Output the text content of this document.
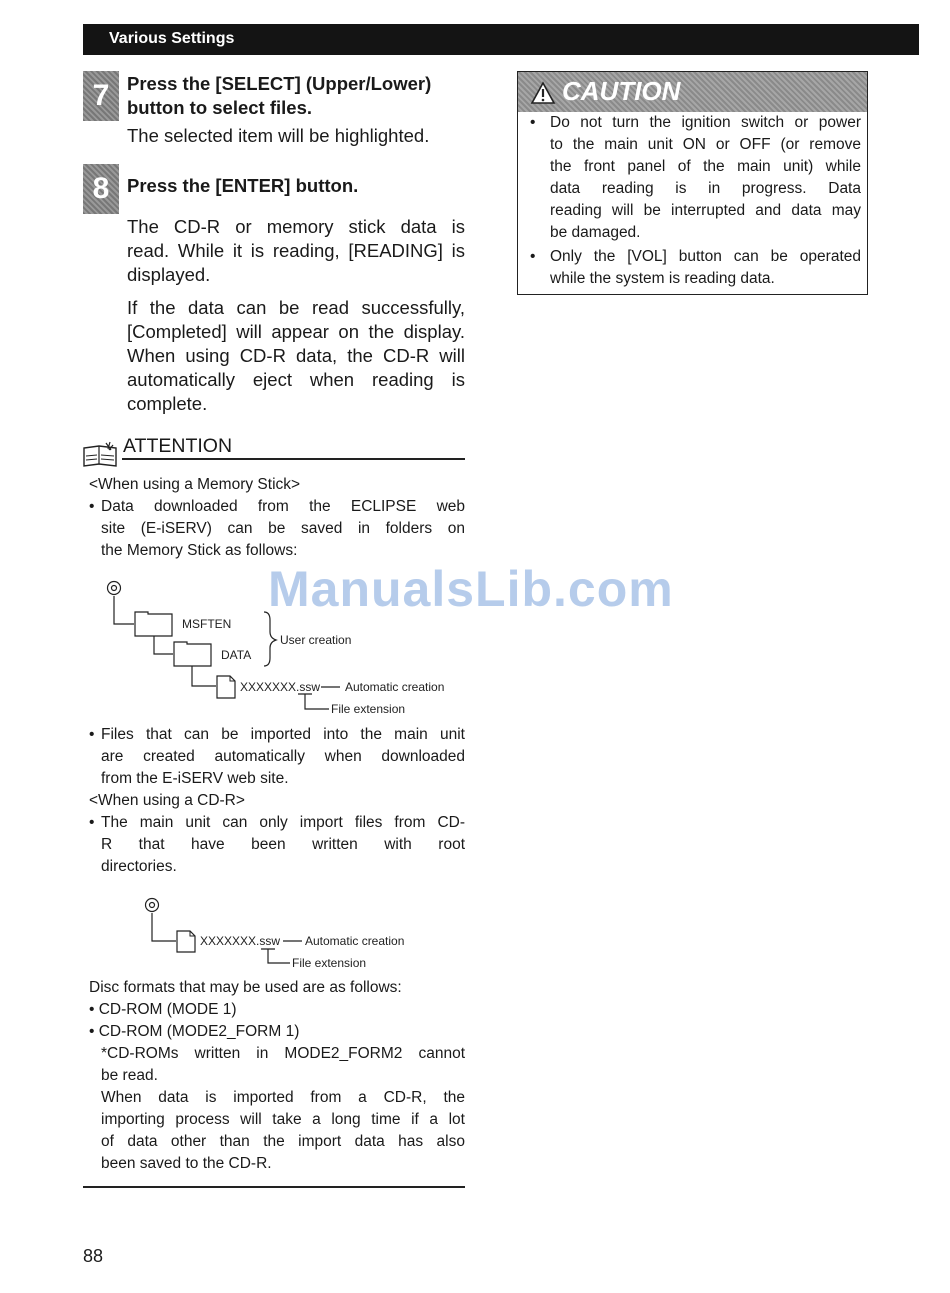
Various Settings
7 Press the [SELECT] (Upper/Lower)
button to select files.
The selected item will be highlighted.
8 Press the [ENTER] button.
The CD-R or memory stick data is
read. While it is reading, [READING] is
displayed.
If the data can be read successfully,
[Completed] will appear on the display.
When using CD-R data, the CD-R will
automatically eject when reading is
complete.
ATTENTION
<When using a Memory Stick>
• Data downloaded from the ECLIPSE web
site (E-iSERV) can be saved in folders on
the Memory Stick as follows:
MSFTEN
DATA
User creation
XXXXXXX.ssw Automatic creation
File extension
ManualsLib.com
• Files that can be imported into the main unit
are created automatically when downloaded
from the E-iSERV web site.
<When using a CD-R>
• The main unit can only import files from CD-
R that have been written with root
directories.
XXXXXXX.ssw Automatic creation
File extension
Disc formats that may be used are as follows:
• CD-ROM (MODE 1)
• CD-ROM (MODE2_FORM 1)
*CD-ROMs written in MODE2_FORM2 cannot
be read.
When data is imported from a CD-R, the
importing process will take a long time if a lot
of data other than the import data has also
been saved to the CD-R.
88
CAUTION
• Do not turn the ignition switch or power
to the main unit ON or OFF (or remove
the front panel of the main unit) while
data reading is in progress. Data
reading will be interrupted and data may
be damaged.
• Only the [VOL] button can be operated
while the system is reading data.
